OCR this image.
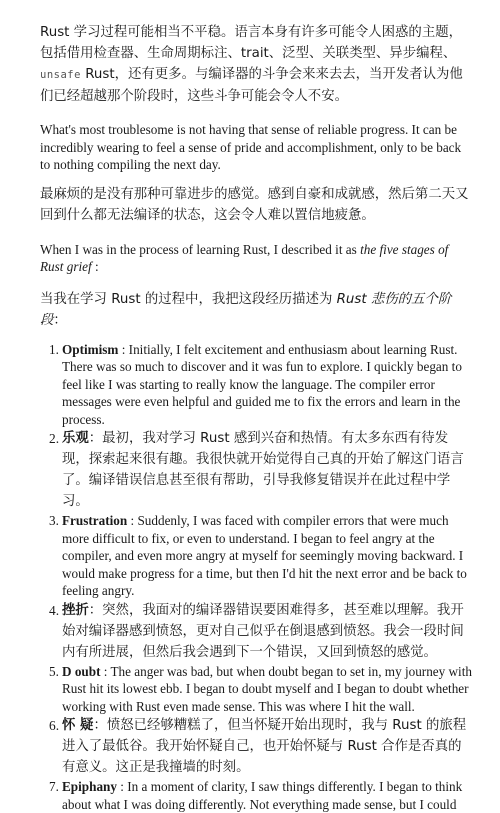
Rust 学习过程可能相当不平稳。语言本身有许多可能令人困惑的主题，包括借用检查器、生命周期标注、trait、泛型、关联类型、异步编程、 unsafe Rust，还有更多。与编译器的斗争会来来去去，当开发者认为他们已经超越那个阶段时，这些斗争可能会令人不安。

What's most troublesome is not having that sense of reliable progress. It can be incredibly wearing to feel a sense of pride and accomplishment, only to be back to nothing compiling the next day.

最麻烦的是没有那种可靠进步的感觉。感到自豪和成就感，然后第二天又回到什么都无法编译的状态，这会令人难以置信地疲惫。

When I was in the process of learning Rust, I described it as the five stages of Rust grief :

当我在学习 Rust 的过程中，我把这段经历描述为 Rust 悲伤的五个阶段：

1. Optimism : Initially, I felt excitement and enthusiasm about learning Rust. There was so much to discover and it was fun to explore. I quickly began to feel like I was starting to really know the language. The compiler error messages were even helpful and guided me to fix the errors and learn in the process.
2. 乐观：最初，我对学习 Rust 感到兴奋和热情。有太多东西有待发现，探索起来很有趣。我很快就开始觉得自己真的开始了解这门语言了。编译错误信息甚至很有帮助，引导我修复错误并在此过程中学习。
3. Frustration : Suddenly, I was faced with compiler errors that were much more difficult to fix, or even to understand. I began to feel angry at the compiler, and even more angry at myself for seemingly moving backward. I would make progress for a time, but then I'd hit the next error and be back to feeling angry.
4. 挫折：突然，我面对的编译器错误要困难得多，甚至难以理解。我开始对编译器感到愤怒，更对自己似乎在倒退感到愤怒。我会一段时间内有所进展，但然后我会遇到下一个错误，又回到愤怒的感觉。
5. D oubt : The anger was bad, but when doubt began to set in, my journey with Rust hit its lowest ebb. I began to doubt myself and I began to doubt whether working with Rust even made sense. This was where I hit the wall.
6. 怀 疑：愤怒已经够糟糕了，但当怀疑开始出现时，我与 Rust 的旅程进入了最低谷。我开始怀疑自己，也开始怀疑与 Rust 合作是否真的有意义。这正是我撞墙的时刻。
7. Epiphany : In a moment of clarity, I saw things differently. I began to think about what I was doing differently. Not everything made sense, but I could
